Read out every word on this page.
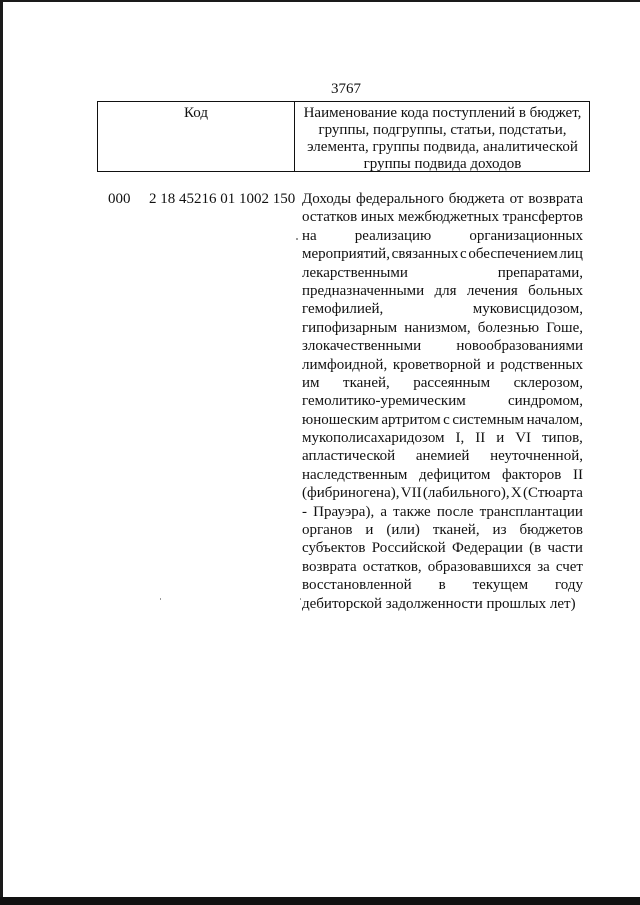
3767
Код	Наименование кода поступлений в бюджет, группы, подгруппы, статьи, подстатьи, элемента, группы подвида, аналитической группы подвида доходов
000 2 18 45216 01 1002 150 Доходы федерального бюджета от возврата
остатков иных межбюджетных трансфертов
на	реализацию	организационных
мероприятий, связанных с обеспечением лиц
лекарственными	препаратами,
предназначенными для лечения больных
гемофилией,	муковисцидозом,
гипофизарным нанизмом, болезнью Гоше,
злокачественными новообразованиями
лимфоидной, кроветворной и родственных
им тканей, рассеянным склерозом,
гемолитико-уремическим	синдромом,
юношеским артритом с системным началом,
мукополисахаридозом I, II и VI типов,
апластической анемией неуточненной,
наследственным дефицитом факторов II
(фибриногена), VII (лабильного), X (Стюарта
- Прауэра), а также после трансплантации
органов и (или) тканей, из бюджетов
субъектов Российской Федерации (в части
возврата остатков, образовавшихся за счет
восстановленной в текущем году
дебиторской задолженности прошлых лет)
